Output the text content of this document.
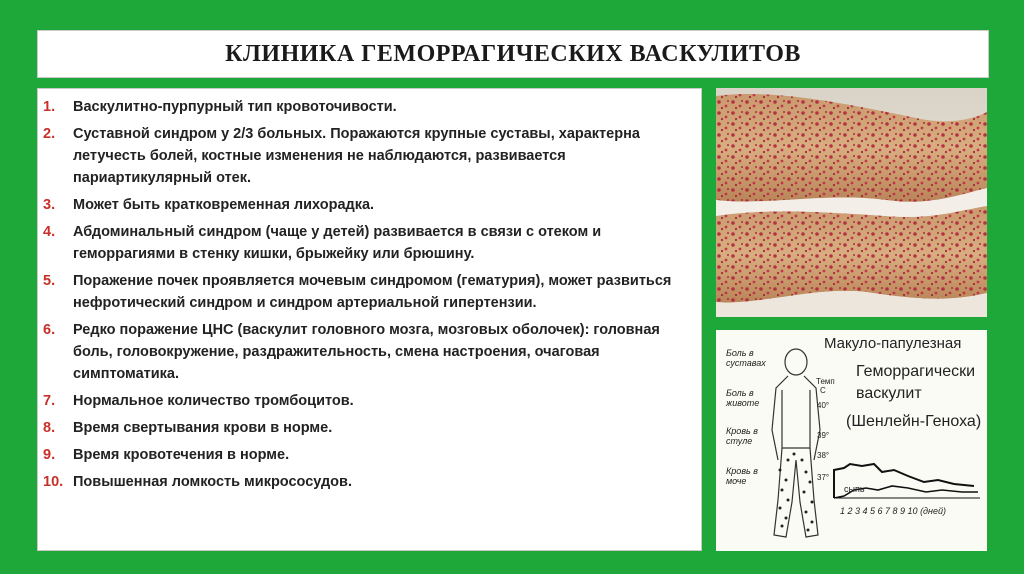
КЛИНИКА ГЕМОРРАГИЧЕСКИХ ВАСКУЛИТОВ
1.	Васкулитно-пурпурный тип кровоточивости.
2.	Суставной синдром у 2/3 больных. Поражаются крупные суставы, характерна летучесть болей, костные изменения не наблюдаются, развивается париартикулярный отек.
3.	Может быть кратковременная лихорадка.
4.	Абдоминальный синдром (чаще у детей) развивается в связи с отеком и геморрагиями в стенку кишки, брыжейку или брюшину.
5.	Поражение почек проявляется мочевым синдромом (гематурия), может развиться нефротический синдром и синдром артериальной гипертензии.
6.	Редко поражение ЦНС (васкулит головного мозга, мозговых оболочек): головная боль, головокружение, раздражительность, смена настроения, очаговая симптоматика.
7.	Нормальное количество тромбоцитов.
8.	Время свертывания крови в норме.
9.	Время кровотечения в норме.
10. Повышенная ломкость микрососудов.
Боль в
суставах
Боль в
животе
Кровь в
стуле
Кровь в
моче
Макуло-папулезная
Геморрагически
васкулит
(Шенлейн-Геноха)
Темп
С
40°
39°
38°
37°
сыпь
1 2 3 4 5 6 7 8 9 10 (дней)
